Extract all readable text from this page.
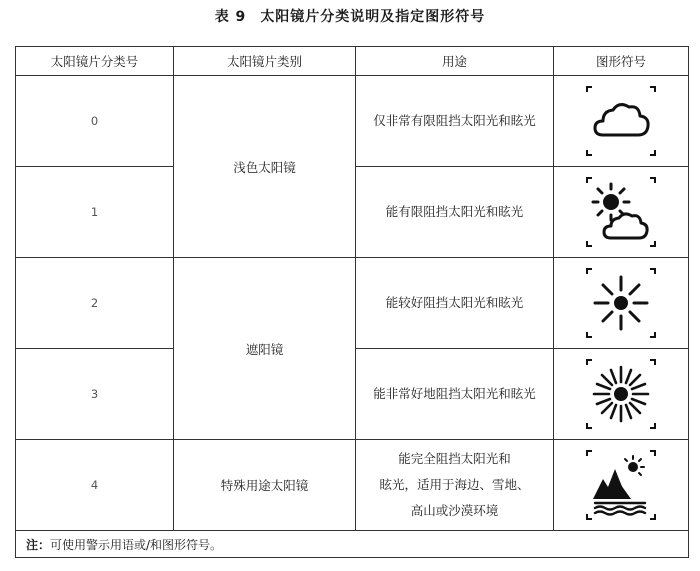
表 9 太阳镜片分类说明及指定图形符号
太阳镜片分类号	太阳镜片类别	用途	图形符号
0	浅色太阳镜	仅非常有限阻挡太阳光和眩光	

1		能有限阻挡太阳光和眩光	

2	遮阳镜	能较好阻挡太阳光和眩光	

3		能非常好地阻挡太阳光和眩光	

4	特殊用途太阳镜	能完全阻挡太阳光和
眩光，适用于海边、雪地、
高山或沙漠环境

注：可使用警示用语或/和图形符号。			
